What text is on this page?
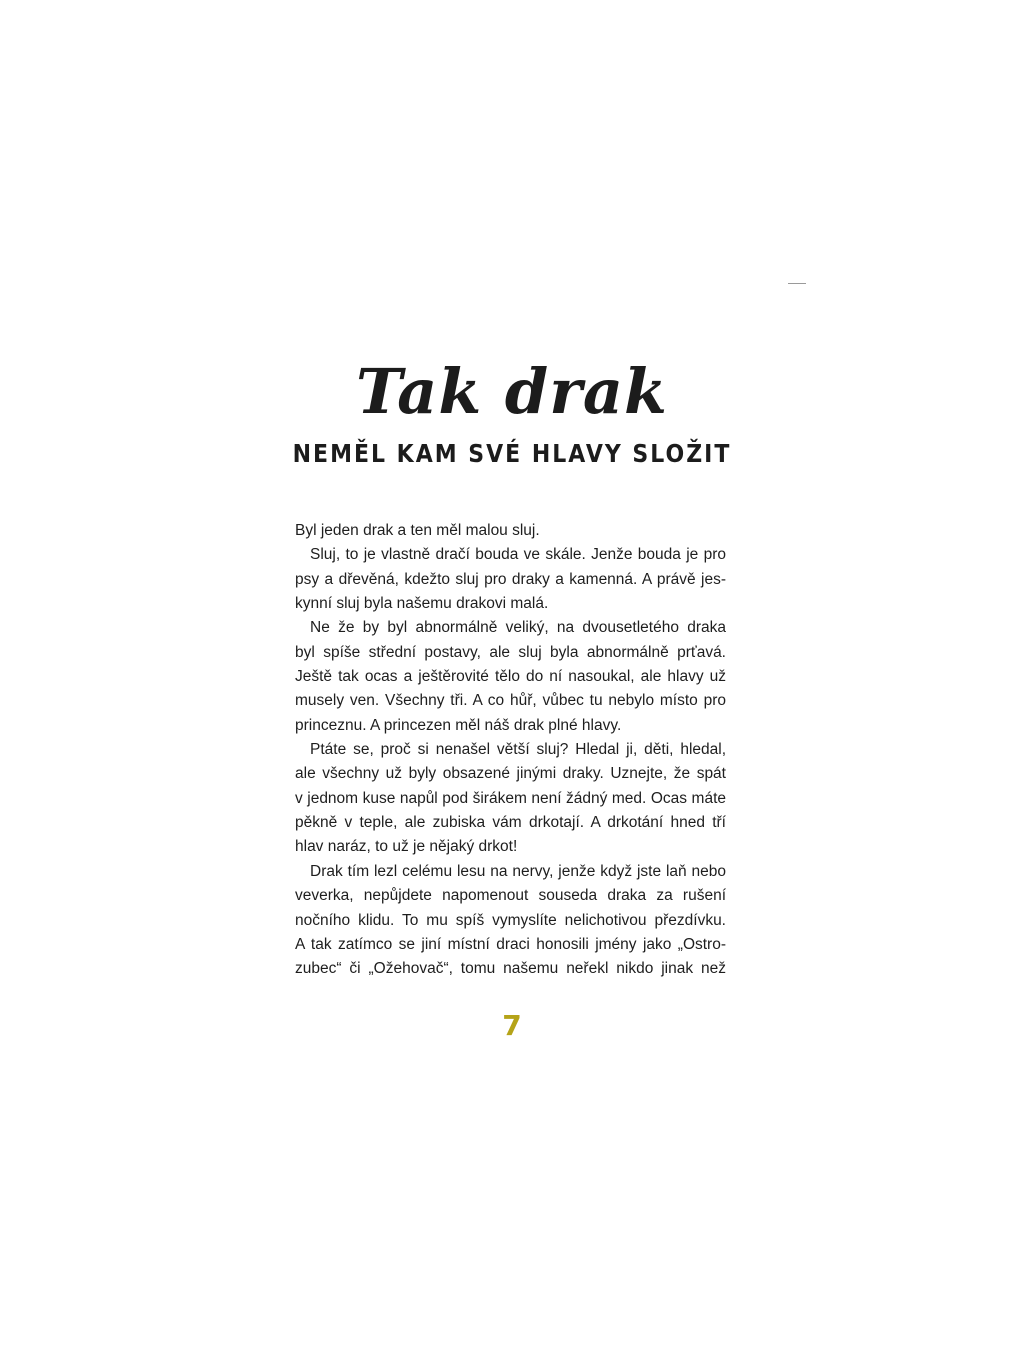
Tak drak
NEMĚL KAM SVÉ HLAVY SLOŽIT
Byl jeden drak a ten měl malou sluj.
Sluj, to je vlastně dračí bouda ve skále. Jenže bouda je pro
psy a dřevěná, kdežto sluj pro draky a kamenná. A právě jes-
kynní sluj byla našemu drakovi malá.
Ne že by byl abnormálně veliký, na dvousetletého draka
byl spíše střední postavy, ale sluj byla abnormálně prťavá.
Ještě tak ocas a ještěrovité tělo do ní nasoukal, ale hlavy už
musely ven. Všechny tři. A co hůř, vůbec tu nebylo místo pro
princeznu. A princezen měl náš drak plné hlavy.
Ptáte se, proč si nenašel větší sluj? Hledal ji, děti, hledal,
ale všechny už byly obsazené jinými draky. Uznejte, že spát
v jednom kuse napůl pod širákem není žádný med. Ocas máte
pěkně v teple, ale zubiska vám drkotají. A drkotání hned tří
hlav naráz, to už je nějaký drkot!
Drak tím lezl celému lesu na nervy, jenže když jste laň nebo
veverka, nepůjdete napomenout souseda draka za rušení
nočního klidu. To mu spíš vymyslíte nelichotivou přezdívku.
A tak zatímco se jiní místní draci honosili jmény jako „Ostro-
zubec“ či „Ožehovač“, tomu našemu neřekl nikdo jinak než
7
